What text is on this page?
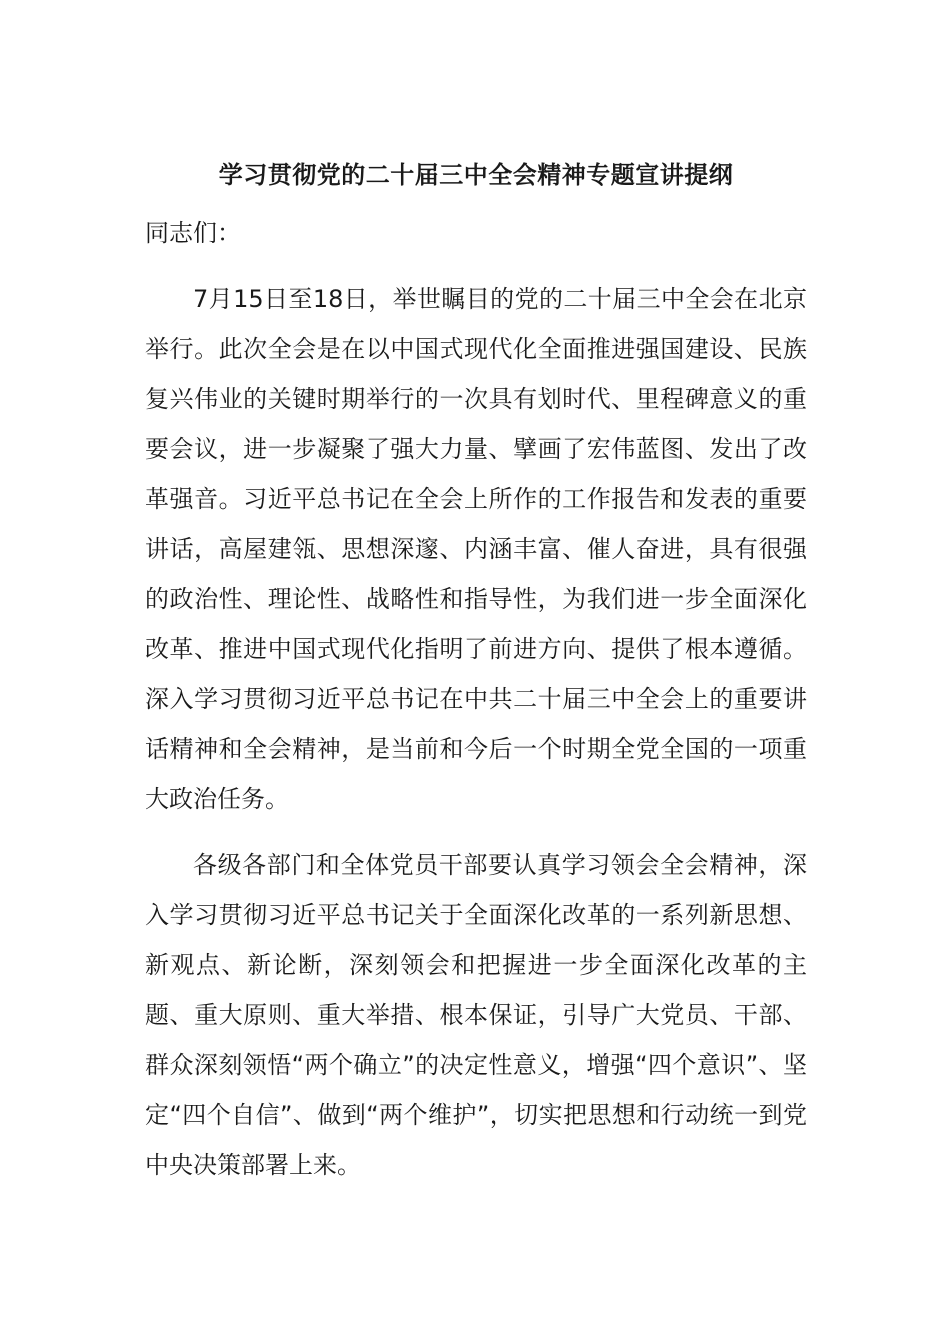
学习贯彻党的二十届三中全会精神专题宣讲提纲

同志们：

7月15日至18日，举世瞩目的党的二十届三中全会在北京举行。此次全会是在以中国式现代化全面推进强国建设、民族复兴伟业的关键时期举行的一次具有划时代、里程碑意义的重要会议，进一步凝聚了强大力量、擘画了宏伟蓝图、发出了改革强音。习近平总书记在全会上所作的工作报告和发表的重要讲话，高屋建瓴、思想深邃、内涵丰富、催人奋进，具有很强的政治性、理论性、战略性和指导性，为我们进一步全面深化改革、推进中国式现代化指明了前进方向、提供了根本遵循。深入学习贯彻习近平总书记在中共二十届三中全会上的重要讲话精神和全会精神，是当前和今后一个时期全党全国的一项重大政治任务。

各级各部门和全体党员干部要认真学习领会全会精神，深入学习贯彻习近平总书记关于全面深化改革的一系列新思想、新观点、新论断，深刻领会和把握进一步全面深化改革的主题、重大原则、重大举措、根本保证，引导广大党员、干部、群众深刻领悟“两个确立”的决定性意义，增强“四个意识”、坚定“四个自信”、做到“两个维护”，切实把思想和行动统一到党中央决策部署上来。
